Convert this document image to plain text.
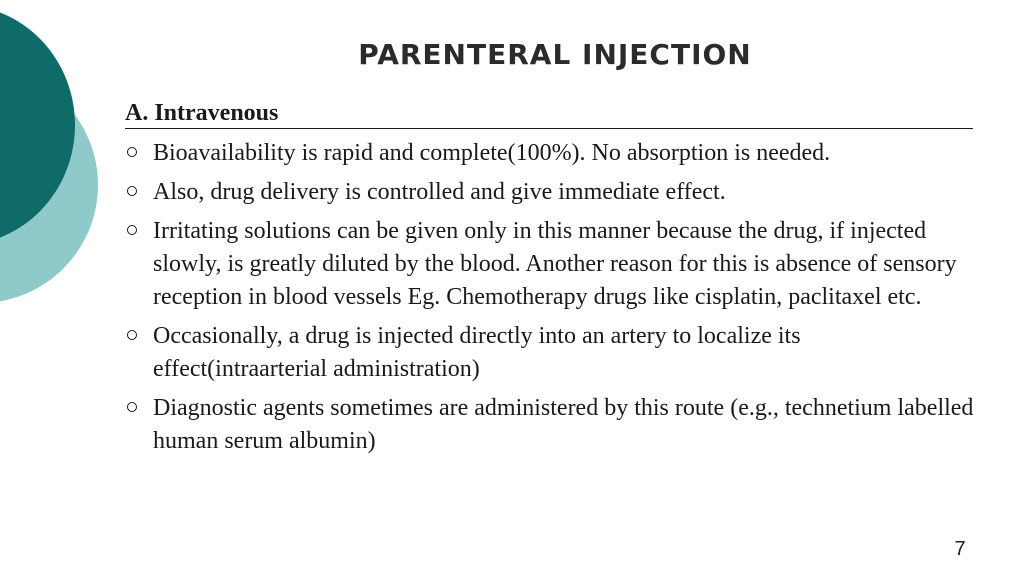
PARENTERAL INJECTION
A. Intravenous
Bioavailability is rapid and complete(100%). No absorption is needed.
Also, drug delivery is controlled and give immediate effect.
Irritating solutions can be given only in this manner because the drug, if injected slowly, is greatly diluted by the blood. Another reason for this is absence of sensory reception in blood vessels Eg. Chemotherapy drugs like cisplatin, paclitaxel etc.
Occasionally, a drug is injected directly into an artery to localize its effect(intraarterial administration)
Diagnostic agents sometimes are administered by this route (e.g., technetium labelled human serum albumin)
7
